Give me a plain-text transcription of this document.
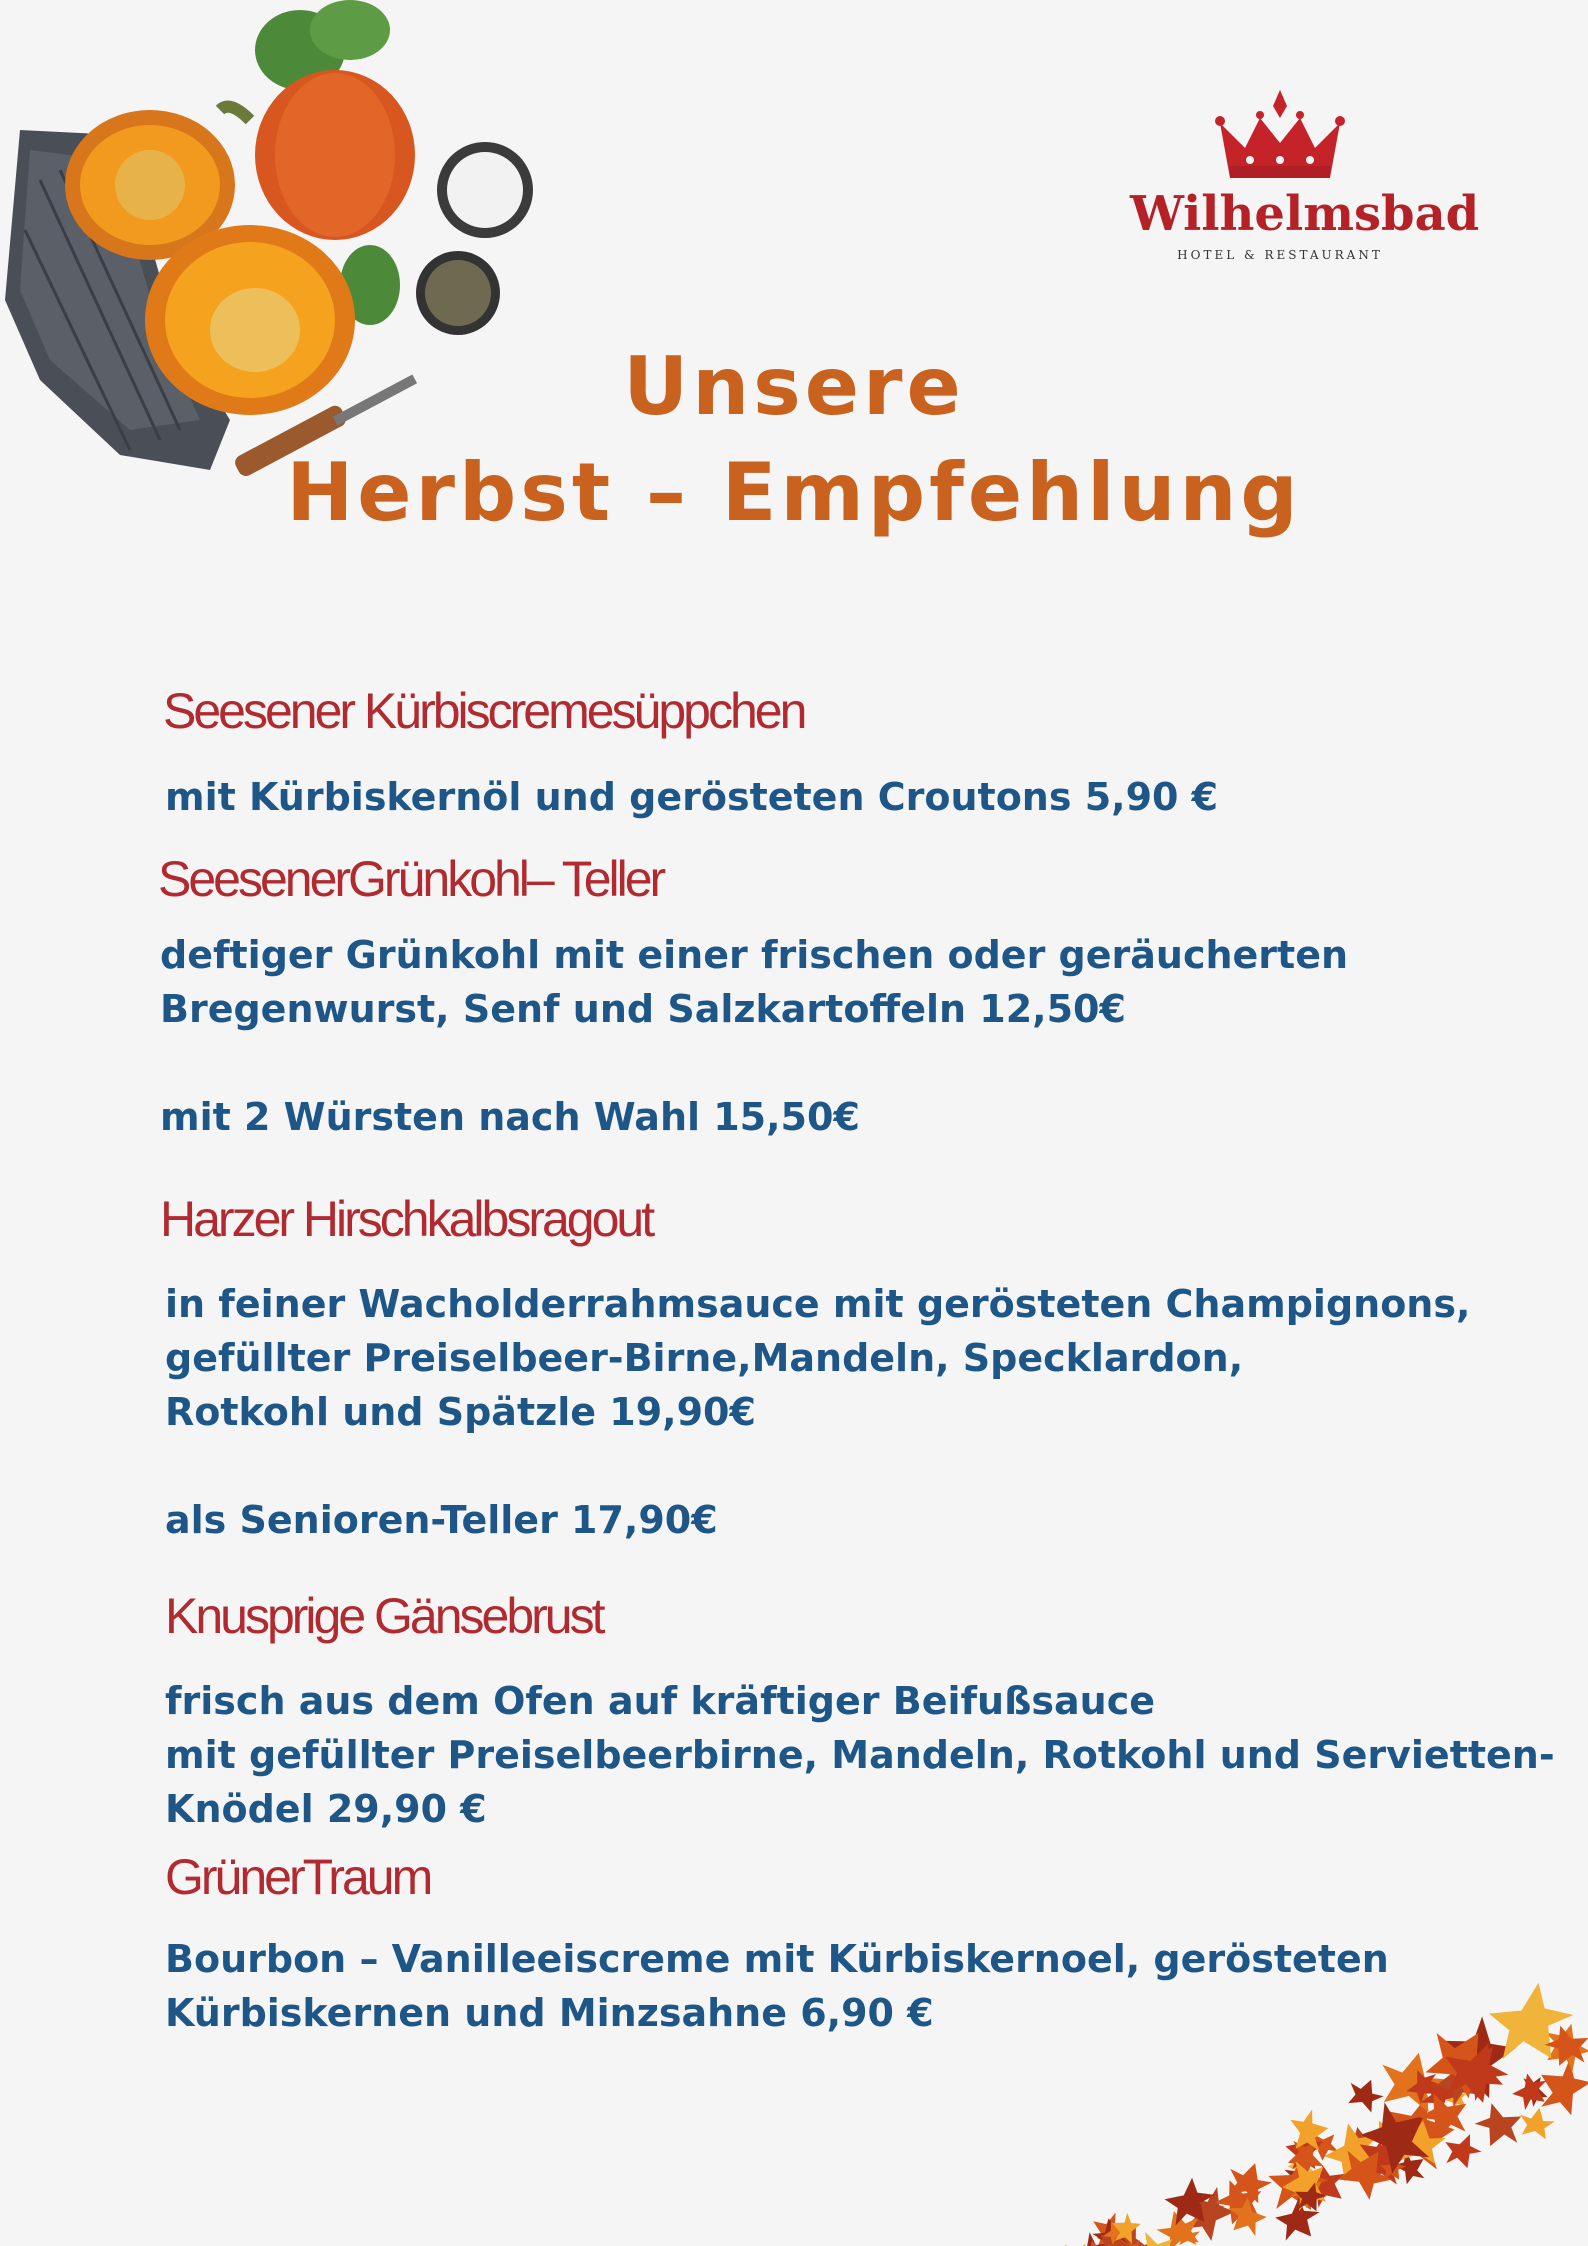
Wilhelmsbad
HOTEL & RESTAURANT
Unsere
Herbst – Empfehlung
Seesener Kürbiscremesüppchen

mit Kürbiskernöl und gerösteten Croutons 5,90 €

SeesenerGrünkohl– Teller

deftiger Grünkohl mit einer frischen oder geräucherten

Bregenwurst, Senf und Salzkartoffeln 12,50€

mit 2 Würsten nach Wahl 15,50€

Harzer Hirschkalbsragout

in feiner Wacholderrahmsauce mit gerösteten Champignons,

gefüllter Preiselbeer-Birne,Mandeln, Specklardon,

Rotkohl und Spätzle 19,90€

als Senioren-Teller 17,90€

Knusprige Gänsebrust

frisch aus dem Ofen auf kräftiger Beifußsauce

mit gefüllter Preiselbeerbirne, Mandeln, Rotkohl und Servietten-

Knödel 29,90 €

GrünerTraum

Bourbon – Vanilleeiscreme mit Kürbiskernoel, gerösteten

Kürbiskernen und Minzsahne 6,90 €
